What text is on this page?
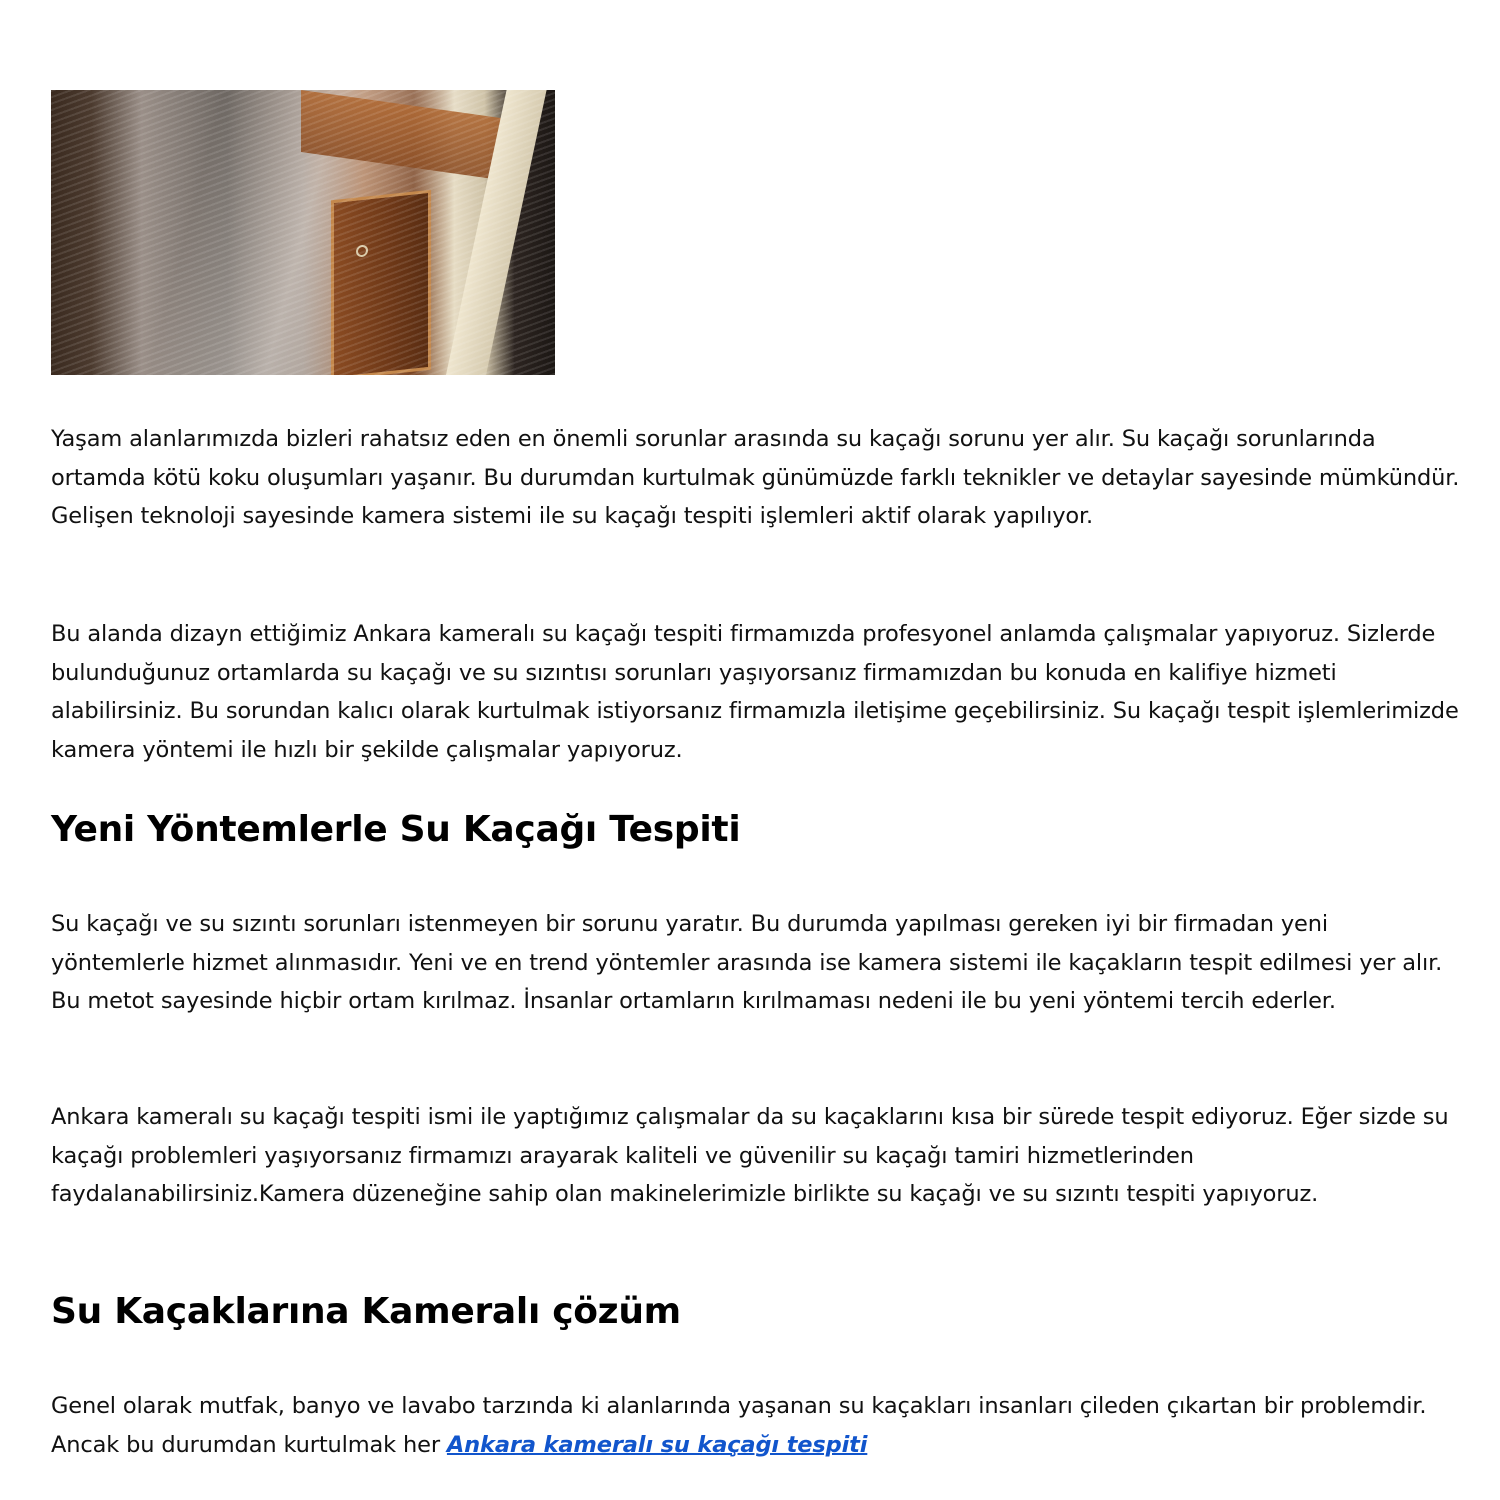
Yaşam alanlarımızda bizleri rahatsız eden en önemli sorunlar arasında su kaçağı sorunu yer alır. Su kaçağı sorunlarında ortamda kötü koku oluşumları yaşanır. Bu durumdan kurtulmak günümüzde farklı teknikler ve detaylar sayesinde mümkündür. Gelişen teknoloji sayesinde kamera sistemi ile su kaçağı tespiti işlemleri aktif olarak yapılıyor.

Bu alanda dizayn ettiğimiz Ankara kameralı su kaçağı tespiti firmamızda profesyonel anlamda çalışmalar yapıyoruz. Sizlerde bulunduğunuz ortamlarda su kaçağı ve su sızıntısı sorunları yaşıyorsanız firmamızdan bu konuda en kalifiye hizmeti alabilirsiniz. Bu sorundan kalıcı olarak kurtulmak istiyorsanız firmamızla iletişime geçebilirsiniz. Su kaçağı tespit işlemlerimizde kamera yöntemi ile hızlı bir şekilde çalışmalar yapıyoruz.

Yeni Yöntemlerle Su Kaçağı Tespiti

Su kaçağı ve su sızıntı sorunları istenmeyen bir sorunu yaratır. Bu durumda yapılması gereken iyi bir firmadan yeni yöntemlerle hizmet alınmasıdır. Yeni ve en trend yöntemler arasında ise kamera sistemi ile kaçakların tespit edilmesi yer alır. Bu metot sayesinde hiçbir ortam kırılmaz. İnsanlar ortamların kırılmaması nedeni ile bu yeni yöntemi tercih ederler.

Ankara kameralı su kaçağı tespiti ismi ile yaptığımız çalışmalar da su kaçaklarını kısa bir sürede tespit ediyoruz. Eğer sizde su kaçağı problemleri yaşıyorsanız firmamızı arayarak kaliteli ve güvenilir su kaçağı tamiri hizmetlerinden faydalanabilirsiniz.Kamera düzeneğine sahip olan makinelerimizle birlikte su kaçağı ve su sızıntı tespiti yapıyoruz.

Su Kaçaklarına Kameralı çözüm

Genel olarak mutfak, banyo ve lavabo tarzında ki alanlarında yaşanan su kaçakları insanları çileden çıkartan bir problemdir. Ancak bu durumdan kurtulmak her Ankara kameralı su kaçağı tespiti
